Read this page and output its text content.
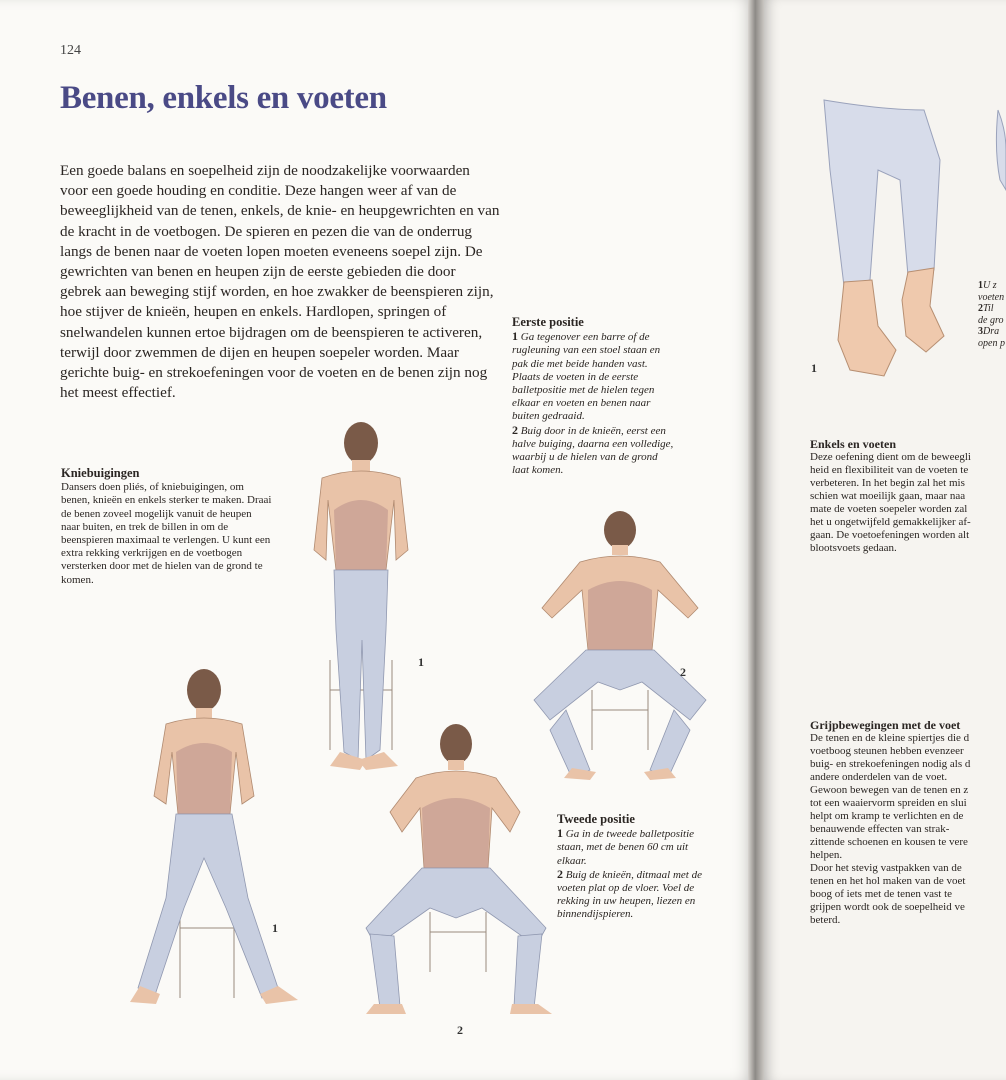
124
Benen, enkels en voeten

Een goede balans en soepelheid zijn de noodzakelijke voorwaarden voor een goede houding en conditie. Deze hangen weer af van de beweeglijkheid van de tenen, enkels, de knie- en heupgewrichten en van de kracht in de voetbogen. De spieren en pezen die van de onderrug langs de benen naar de voeten lopen moeten eveneens soepel zijn. De gewrichten van benen en heupen zijn de eerste gebieden die door gebrek aan beweging stijf worden, en hoe zwakker de beenspieren zijn, hoe stijver de knieën, heupen en enkels. Hardlopen, springen of snelwandelen kunnen ertoe bijdragen om de beenspieren te activeren, terwijl door zwemmen de dijen en heupen soepeler worden. Maar gerichte buig- en strekoefeningen voor de voeten en de benen zijn nog het meest effectief.

Kniebuigingen

Dansers doen pliés, of kniebuigingen, om benen, knieën en enkels sterker te maken. Draai de benen zoveel mogelijk vanuit de heupen naar buiten, en trek de billen in om de beenspieren maximaal te verlengen. U kunt een extra rekking verkrijgen en de voetbogen versterken door met de hielen van de grond te komen.

Eerste positie

1 Ga tegenover een barre of de rugleuning van een stoel staan en pak die met beide handen vast. Plaats de voeten in de eerste balletpositie met de hielen tegen elkaar en voeten en benen naar buiten gedraaid.

2 Buig door in de knieën, eerst een halve buiging, daarna een volledige, waarbij u de hielen van de grond laat komen.

Tweede positie

1 Ga in de tweede balletpositie staan, met de benen 60 cm uit elkaar.

2 Buig de knieën, ditmaal met de voeten plat op de vloer. Voel de rekking in uw heupen, liezen en binnendijspieren.

1
2
1
2
1
1U z
voeten
2Til
de gro
3Dra
open p
Enkels en voeten

Deze oefening dient om de beweegli

heid en flexibiliteit van de voeten te

verbeteren. In het begin zal het mis

schien wat moeilijk gaan, maar naa

mate de voeten soepeler worden zal

het u ongetwijfeld gemakkelijker af-

gaan. De voetoefeningen worden alt

blootsvoets gedaan.

Grijpbewegingen met de voet

De tenen en de kleine spiertjes die d

voetboog steunen hebben evenzeer

buig- en strekoefeningen nodig als d

andere onderdelen van de voet.

Gewoon bewegen van de tenen en z

tot een waaiervorm spreiden en slui

helpt om kramp te verlichten en de

benauwende effecten van strak-

zittende schoenen en kousen te vere

helpen.

Door het stevig vastpakken van de

tenen en het hol maken van de voet

boog of iets met de tenen vast te

grijpen wordt ook de soepelheid ve

beterd.
